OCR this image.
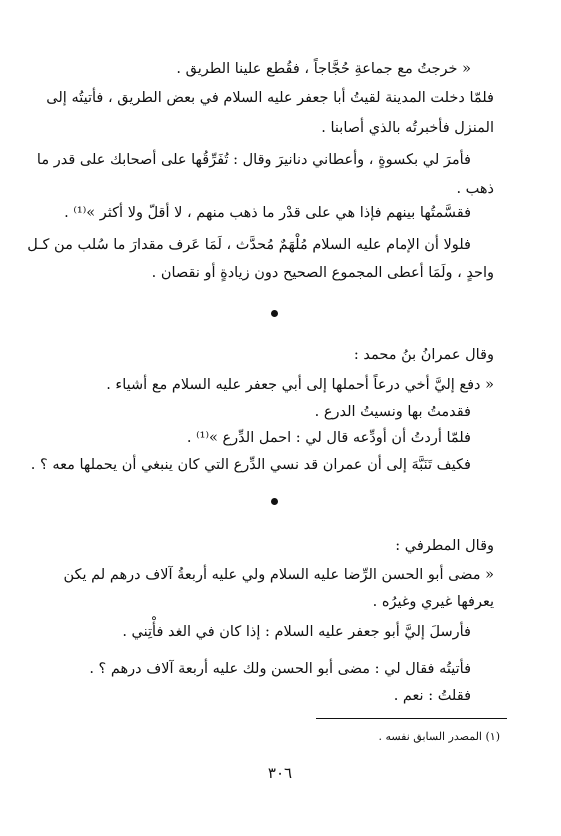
« خرجتُ مع جماعةِ حُجَّاجاً ، فقُطع علينا الطريق .
فلمّا دخلت المدينة لقيتُ أبا جعفر عليه السلام في بعض الطريق ، فأتيتُه إلى
المنزل فأخبرتُه بالذي أصابنا .
فأمرَ لي بكسوةٍ ، وأعطاني دنانيرَ وقال : تُفَرِّقُها على أصحابك على قدر ما
ذهب .
فقسَّمتُها بينهم فإذا هي على قدْر ما ذهب منهم ، لا أقلّ ولا أكثر »⁽¹⁾ .
فلولا أن الإمام عليه السلام مُلْهَمٌ مُحدَّث ، لَمَا عَرف مقدارَ ما سُلب من كـل
واحدٍ ، ولَمَا أعطى المجموع الصحيح دون زيادةٍ أو نقصان .
وقال عمرانُ بنُ محمد :
« دفع إليَّ أخي درعاً أحملها إلى أبي جعفر عليه السلام مع أشياء .
فقدمتُ بها ونسيتُ الدرع .
فلمّا أردتُ أن أودِّعه قال لي : احمل الدِّرع »⁽¹⁾ .
فكيف تَنَبَّهَ إلى أن عمران قد نسي الدِّرع التي كان ينبغي أن يحملها معه ؟ .
وقال المطرفي :
« مضى أبو الحسن الرِّضا عليه السلام ولي عليه أربعةُ آلاف درهم لم يكن
يعرفها غيري وغيرُه .
فأرسلَ إليَّ أبو جعفر عليه السلام : إذا كان في الغد فأْتِني .
فأتيتُه فقال لي : مضى أبو الحسن ولك عليه أربعة آلاف درهم ؟ .
فقلتُ : نعم .
(١) المصدر السابق نفسه .
٣٠٦
